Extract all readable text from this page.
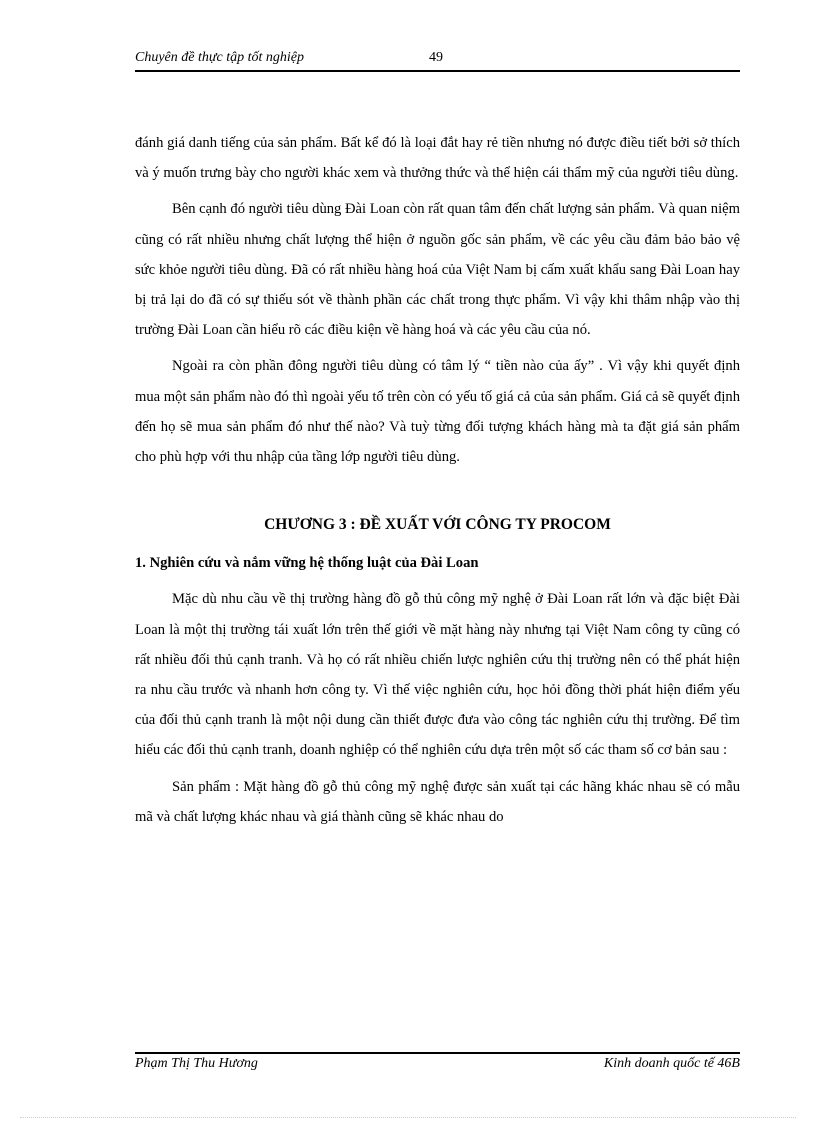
Chuyên đề thực tập tốt nghiệp	49

đánh giá danh tiếng của sản phẩm. Bất kể đó là loại đắt hay rẻ tiền nhưng nó được điều tiết bởi sở thích và ý muốn trưng bày cho người khác xem và thưởng thức và thể hiện cái thẩm mỹ của người tiêu dùng.

Bên cạnh đó người tiêu dùng Đài Loan còn rất quan tâm đến chất lượng sản phẩm. Và quan niệm cũng có rất nhiều nhưng chất lượng thể hiện ở nguồn gốc sản phẩm, về các yêu cầu đảm bảo bảo vệ sức khỏe người tiêu dùng. Đã có rất nhiều hàng hoá của Việt Nam bị cấm xuất khẩu sang Đài Loan hay bị trả lại do đã có sự thiếu sót về thành phần các chất trong thực phẩm. Vì vậy khi thâm nhập vào thị trường Đài Loan cần hiểu rõ các điều kiện về hàng hoá và các yêu cầu của nó.

Ngoài ra còn phần đông người tiêu dùng có tâm lý “ tiền nào của ấy” . Vì vậy khi quyết định mua một sản phẩm nào đó thì ngoài yếu tố trên còn có yếu tố giá cả của sản phẩm. Giá cả sẽ quyết định đến họ sẽ mua sản phẩm đó như thế nào? Và tuỳ từng đối tượng khách hàng mà ta đặt giá sản phẩm cho phù hợp với thu nhập của tầng lớp người tiêu dùng.

CHƯƠNG 3 : ĐỀ XUẤT VỚI CÔNG TY PROCOM

1. Nghiên cứu và nắm vững hệ thống luật của Đài Loan

Mặc dù nhu cầu về thị trường hàng đồ gỗ thủ công mỹ nghệ ở Đài Loan rất lớn và đặc biệt Đài Loan là một thị trường tái xuất lớn trên thế giới về mặt hàng này nhưng tại Việt Nam công ty cũng có rất nhiều đối thủ cạnh tranh. Và họ có rất nhiều chiến lược nghiên cứu thị trường nên có thể phát hiện ra nhu cầu trước và nhanh hơn công ty. Vì thế việc nghiên cứu, học hỏi đồng thời phát hiện điểm yếu của đối thủ cạnh tranh là một nội dung cần thiết được đưa vào công tác nghiên cứu thị trường. Để tìm hiểu các đối thủ cạnh tranh, doanh nghiệp có thể nghiên cứu dựa trên một số các tham số cơ bản sau :

Sản phẩm : Mặt hàng đồ gỗ thủ công mỹ nghệ được sản xuất tại các hãng khác nhau sẽ có mẫu mã và chất lượng khác nhau và giá thành cũng sẽ khác nhau do

Phạm Thị Thu Hương	Kinh doanh quốc tế 46B
